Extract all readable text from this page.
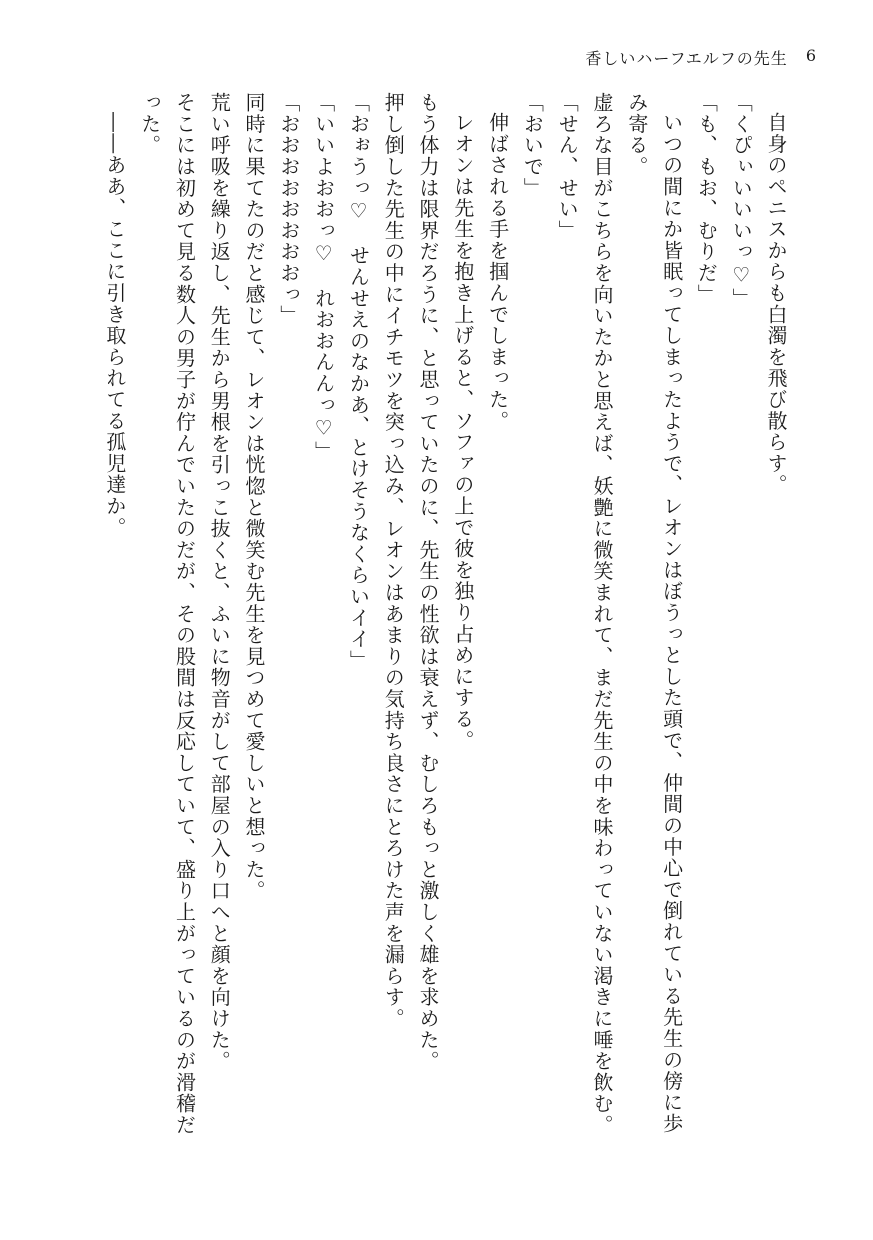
香しいハーフエルフの先生 6

自身のペニスからも白濁を飛び散らす。

「くぴぃいいいっ♡」

「も、もお、むりだ」

いつの間にか皆眠ってしまったようで、レオンはぼうっとした頭で、仲間の中心で倒れている先生の傍に歩み寄る。

虚ろな目がこちらを向いたかと思えば、妖艶に微笑まれて、まだ先生の中を味わっていない渇きに唾を飲む。

「せん、せい」

「おいで」

伸ばされる手を掴んでしまった。

レオンは先生を抱き上げると、ソファの上で彼を独り占めにする。

もう体力は限界だろうに、と思っていたのに、先生の性欲は衰えず、むしろもっと激しく雄を求めた。

押し倒した先生の中にイチモツを突っ込み、レオンはあまりの気持ち良さにとろけた声を漏らす。

「おぉうっ♡　せんせえのなかあ、とけそうなくらいイイ」

「いいよおおっ♡　れおおんんっ♡」

「おおおおおおおおっ」

同時に果てたのだと感じて、レオンは恍惚と微笑む先生を見つめて愛しいと想った。

荒い呼吸を繰り返し、先生から男根を引っこ抜くと、ふいに物音がして部屋の入り口へと顔を向けた。

そこには初めて見る数人の男子が佇んでいたのだが、その股間は反応していて、盛り上がっているのが滑稽だった。

――ああ、ここに引き取られてる孤児達か。
